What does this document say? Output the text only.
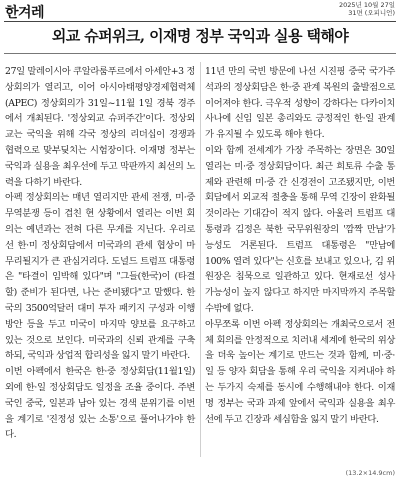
한겨레	2025년 10월 27일
31면 (오피니언)
외교 슈퍼위크, 이재명 정부 국익과 실용 택해야

27일 말레이시아 쿠알라룸푸르에서 아세안+3 정상회의가 열리고, 이어 아시아태평양경제협력체(APEC) 정상회의가 31일~11월 1일 경북 경주에서 개최된다. '정상외교 슈퍼주간'이다. 정상외교는 국익을 위해 각국 정상의 리더십이 경쟁과 협력으로 맞부딪치는 시험장이다. 이재명 정부는 국익과 실용을 최우선에 두고 막판까지 최선의 노력을 다하기 바란다.

아펙 정상회의는 매년 열리지만 관세 전쟁, 미·중 무역분쟁 등이 겹친 현 상황에서 열리는 이번 회의는 예년과는 전혀 다른 무게를 지닌다. 우리로선 한·미 정상회담에서 미국과의 관세 협상이 마무리될지가 큰 관심거리다. 도널드 트럼프 대통령은 "타결이 임박해 있다"며 "그들(한국)이 (타결할) 준비가 된다면, 나는 준비됐다"고 말했다. 한국의 3500억달러 대미 투자 패키지 구성과 이행 방안 등을 두고 미국이 마지막 양보를 요구하고 있는 것으로 보인다. 미국과의 신뢰 관계를 구축하되, 국익과 상업적 합리성을 잃지 말기 바란다.

이번 아펙에서 한국은 한·중 정상회담(11월1일) 외에 한·일 정상회담도 일정을 조율 중이다. 주변국인 중국, 일본과 남아 있는 경색 분위기를 이번을 계기로 '진정성 있는 소통'으로 풀어나가야 한다.

11년 만의 국빈 방문에 나선 시진핑 중국 국가주석과의 정상회담은 한·중 관계 복원의 출발점으로 이어져야 한다. 극우적 성향이 강하다는 다카이치 사나에 신임 일본 총리와도 긍정적인 한·일 관계가 유지될 수 있도록 해야 한다.

이와 함께 전세계가 가장 주목하는 장면은 30일 열리는 미·중 정상회담이다. 최근 희토류 수출 통제와 관련해 미·중 간 신경전이 고조됐지만, 이번 회담에서 외교적 절충을 통해 무역 긴장이 완화될 것이라는 기대감이 적지 않다. 아울러 트럼프 대통령과 김정은 북한 국무위원장의 '깜짝 만남'가능성도 거론된다. 트럼프 대통령은 "만남에 100% 열려 있다"는 신호를 보내고 있으나, 김 위원장은 침묵으로 일관하고 있다. 현재로선 성사 가능성이 높지 않다고 하지만 마지막까지 주목할 수밖에 없다.

아무쪼록 이번 아펙 정상회의는 개최국으로서 전체 회의를 안정적으로 치러내 세계에 한국의 위상을 더욱 높이는 계기로 만드는 것과 함께, 미·중·일 등 양자 회담을 통해 우리 국익을 지켜내야 하는 두가지 숙제를 동시에 수행해내야 한다. 이재명 정부는 국과 과제 앞에서 국익과 실용을 최우선에 두고 긴장과 세심함을 잃지 말기 바란다.

(13.2×14.9cm)
